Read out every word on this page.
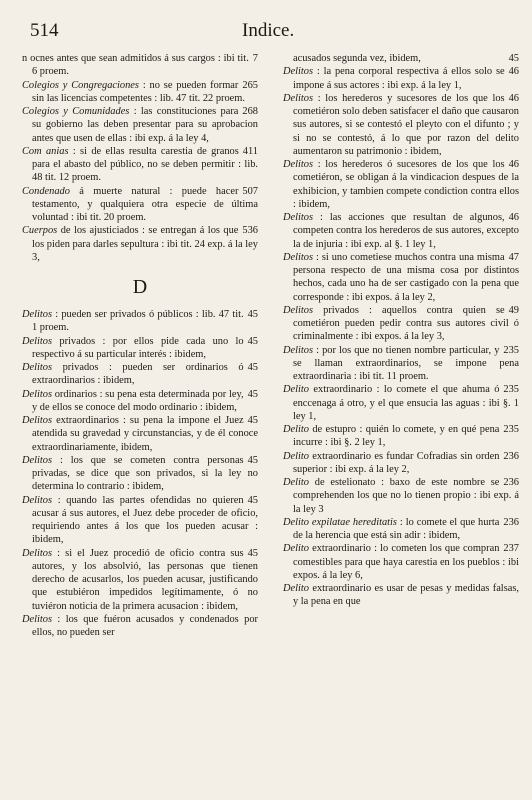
514	Indice.

7
n ocnes antes que sean admitidos á sus cargos : ibi tit. 6 proem.

265
Colegios y Congregaciones : no se pueden formar sin las licencias competentes : lib. 47 tit. 22 proem.

268
Colegios y Comunidades : las constituciones para su gobierno las deben presentar para su aprobacion antes que usen de ellas : ibi exp. á la ley 4,

411
Com anias : si de ellas resulta carestia de granos para el abasto del público, no se deben permitir : lib. 48 tit. 12 proem.

507
Condenado á muerte natural : puede hacer testamento, y qualquiera otra especie de última voluntad : ibi tit. 20 proem.

536
Cuerpos de los ajusticiados : se entregan á los que los piden para darles sepultura : ibi tit. 24 exp. á la ley 3,

D

45
Delitos : pueden ser privados ó públicos : lib. 47 tit. 1 proem.

45
Delitos privados : por ellos pide cada uno lo respectivo á su particular interés : ibidem,

45
Delitos privados : pueden ser ordinarios ó extraordinarios : ibidem,

45
Delitos ordinarios : su pena esta determinada por ley, y de ellos se conoce del modo ordinario : ibidem,

45
Delitos extraordinarios : su pena la impone el Juez atendida su gravedad y circunstancias, y de él conoce extraordinariamente, ibidem,

45
Delitos : los que se cometen contra personas privadas, se dice que son privados, si la ley no determina lo contrario : ibidem,

45
Delitos : quando las partes ofendidas no quieren acusar á sus autores, el Juez debe proceder de oficio, requiriendo antes á los que los pueden acusar : ibidem,

45
Delitos : si el Juez procedió de oficio contra sus autores, y los absolvió, las personas que tienen derecho de acusarlos, los pueden acusar, justificando que estubiéron impedidos legítimamente, ó no tuviéron noticia de la primera acusacion : ibidem,

Delitos : los que fuéron acusados y condenados por ellos, no pueden ser

45
acusados segunda vez, ibidem,

46
Delitos : la pena corporal respectiva á ellos solo se impone á sus actores : ibi exp. á la ley 1,

46
Delitos : los herederos y sucesores de los que los cometiéron solo deben satisfacer el daño que causaron sus autores, si se contestó el pleyto con el difunto ; y si no se contestó, á lo que por razon del delito aumentaron su patrimonio : ibidem,

46
Delitos : los herederos ó sucesores de los que los cometiéron, se obligan á la vindicacion despues de la exhibicion, y tambien compete condiction contra ellos : ibidem,

46
Delitos : las acciones que resultan de algunos, competen contra los herederos de sus autores, excepto la de injuria : ibi exp. al §. 1 ley 1,

47
Delitos : si uno cometiese muchos contra una misma persona respecto de una misma cosa por distintos hechos, cada uno ha de ser castigado con la pena que corresponde : ibi expos. á la ley 2,

49
Delitos privados : aquellos contra quien se cometiéron pueden pedir contra sus autores civil ó criminalmente : ibi expos. á la ley 3,

235
Delitos : por los que no tienen nombre particular, y se llaman extraordinarios, se impone pena extraordinaria : ibi tit. 11 proem.

235
Delito extraordinario : lo comete el que ahuma ó enccenaga á otro, y el que ensucia las aguas : ibi §. 1 ley 1,

235
Delito de estupro : quién lo comete, y en qué pena incurre : ibi §. 2 ley 1,

236
Delito extraordinario es fundar Cofradias sin orden superior : ibi exp. á la ley 2,

236
Delito de estelionato : baxo de este nombre se comprehenden los que no lo tienen propio : ibi exp. á la ley 3

236
Delito expilatae hereditatis : lo comete el que hurta de la herencia que está sin adir : ibidem,

237
Delito extraordinario : lo cometen los que compran comestibles para que haya carestia en los pueblos : ibi expos. á la ley 6,

Delito extraordinario es usar de pesas y medidas falsas, y la pena en que
